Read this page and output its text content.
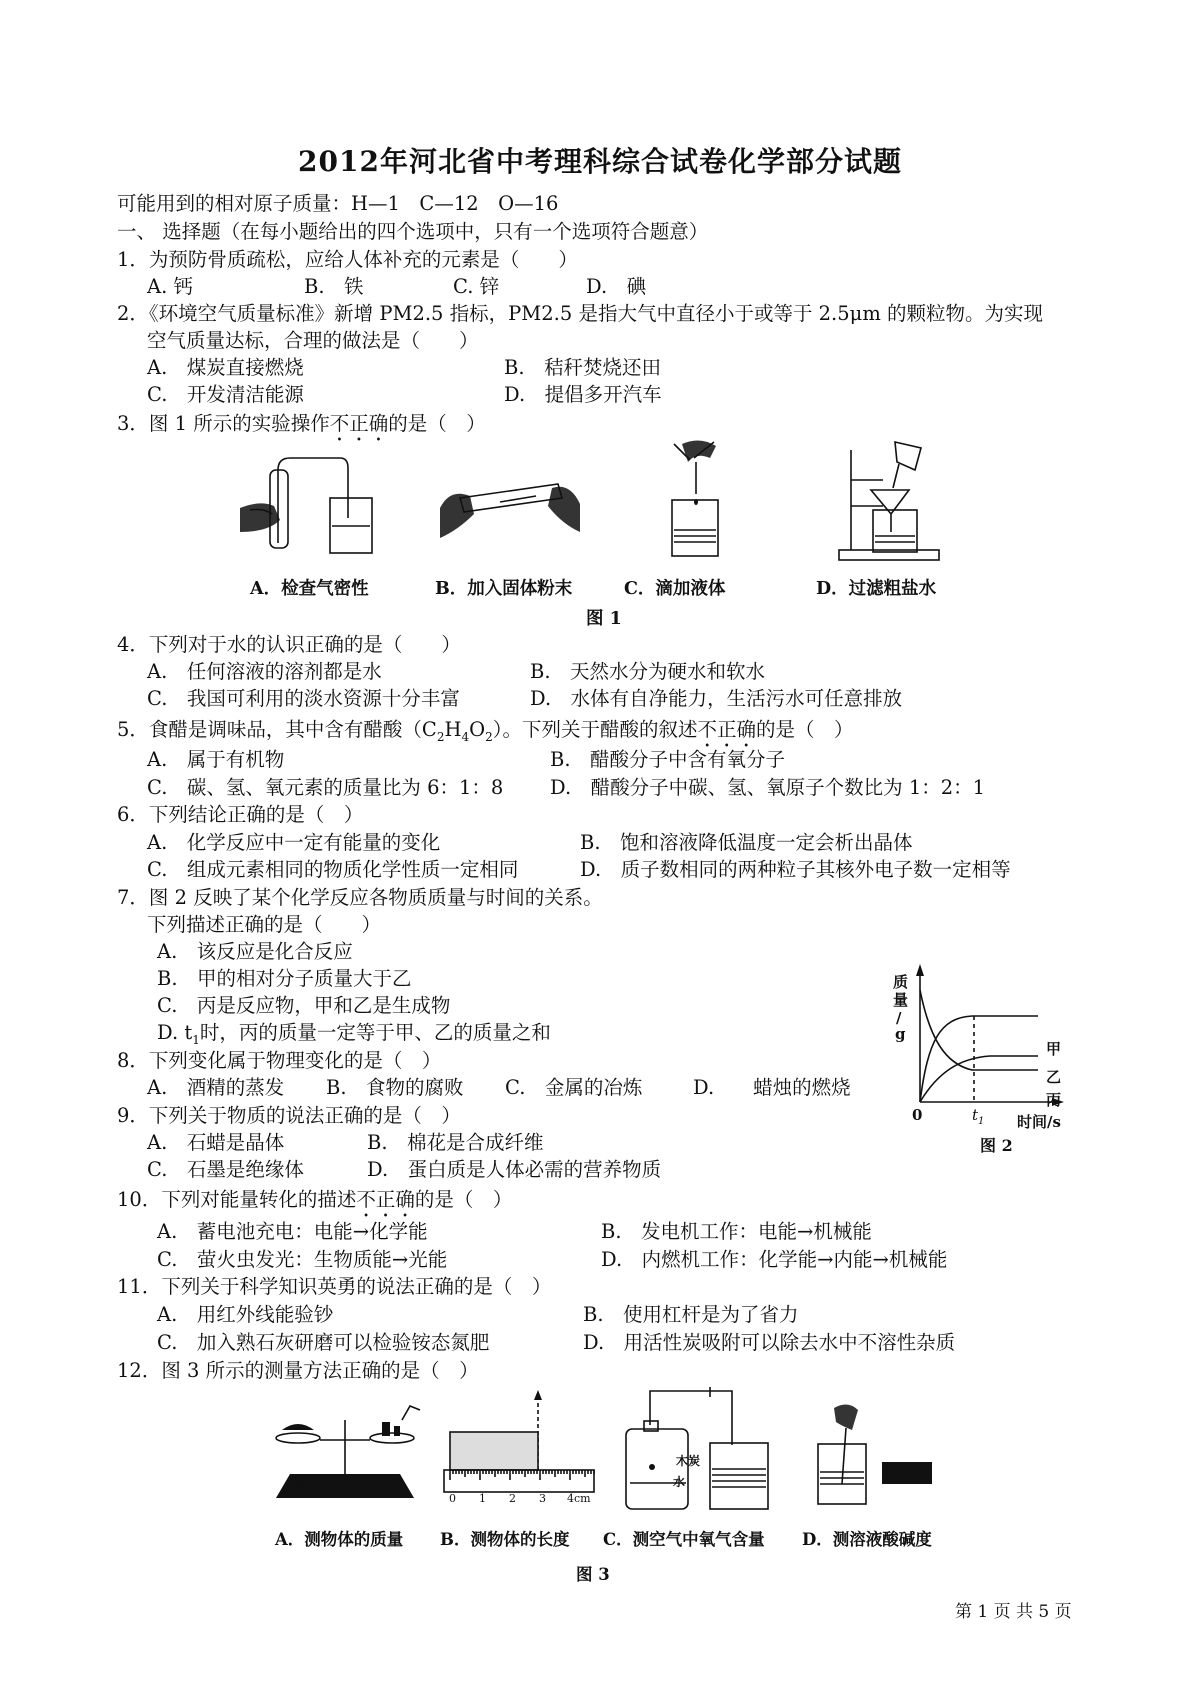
2012年河北省中考理科综合试卷化学部分试题
可能用到的相对原子质量：H—1　C—12　O—16
一、 选择题（在每小题给出的四个选项中，只有一个选项符合题意）
1．为预防骨质疏松，应给人体补充的元素是（　　）
A. 钙	B.　铁	C. 锌	D.　碘
2．《环境空气质量标准》新增 PM2.5 指标，PM2.5 是指大气中直径小于或等于 2.5μm 的颗粒物。为实现
空气质量达标，合理的做法是（　　）
A.　煤炭直接燃烧	B.　秸秆焚烧还田
C.　开发清洁能源	D.　提倡多开汽车
3．图 1 所示的实验操作不正确的是（　）
A．检查气密性	B．加入固体粉末	C．滴加液体	D．过滤粗盐水
图 1
4．下列对于水的认识正确的是（　　）
A.　任何溶液的溶剂都是水	B.　天然水分为硬水和软水
C.　我国可利用的淡水资源十分丰富	D.　水体有自净能力，生活污水可任意排放
5．食醋是调味品，其中含有醋酸$(C_2H_4O_2)$。下列关于醋酸的叙述不正确的是（　）
A.　属于有机物	B.　醋酸分子中含有氧分子
C.　碳、氢、氧元素的质量比为 6：1：8 D.　醋酸分子中碳、氢、氧原子个数比为 1：2：1
6．下列结论正确的是（　）
A.　化学反应中一定有能量的变化	B.　饱和溶液降低温度一定会析出晶体
C.　组成元素相同的物质化学性质一定相同	D.　质子数相同的两种粒子其核外电子数一定相等
7．图 2 反映了某个化学反应各物质质量与时间的关系。
下列描述正确的是（　　）
A.　该反应是化合反应
B.　甲的相对分子质量大于乙
C.　丙是反应物，甲和乙是生成物
D. $t_1$时，丙的质量一定等于甲、乙的质量之和
质
量
/
g
甲
乙
丙
0	$t_1$ 时间/s
图 2
8．下列变化属于物理变化的是（　）
A.　酒精的蒸发 B.　食物的腐败 C.　金属的冶炼	D.　　蜡烛的燃烧
9．下列关于物质的说法正确的是（　）
A.　石蜡是晶体	B.　棉花是合成纤维
C.　石墨是绝缘体	D.　蛋白质是人体必需的营养物质
10．下列对能量转化的描述不正确的是（　）
A.　蓄电池充电：电能→化学能	B.　发电机工作：电能→机械能
C.　萤火虫发光：生物质能→光能	D.　内燃机工作：化学能→内能→机械能
11．下列关于科学知识英勇的说法正确的是（　）
A.　用红外线能验钞	B.　使用杠杆是为了省力
C.　加入熟石灰研磨可以检验铵态氮肥	D.　用活性炭吸附可以除去水中不溶性杂质
12．图 3 所示的测量方法正确的是（　）
0 1 2 3 4cm
木炭
水
A．测物体的质量 B．测物体的长度 C．测空气中氧气含量 D．测溶液酸碱度
图 3
第 1 页 共 5 页
